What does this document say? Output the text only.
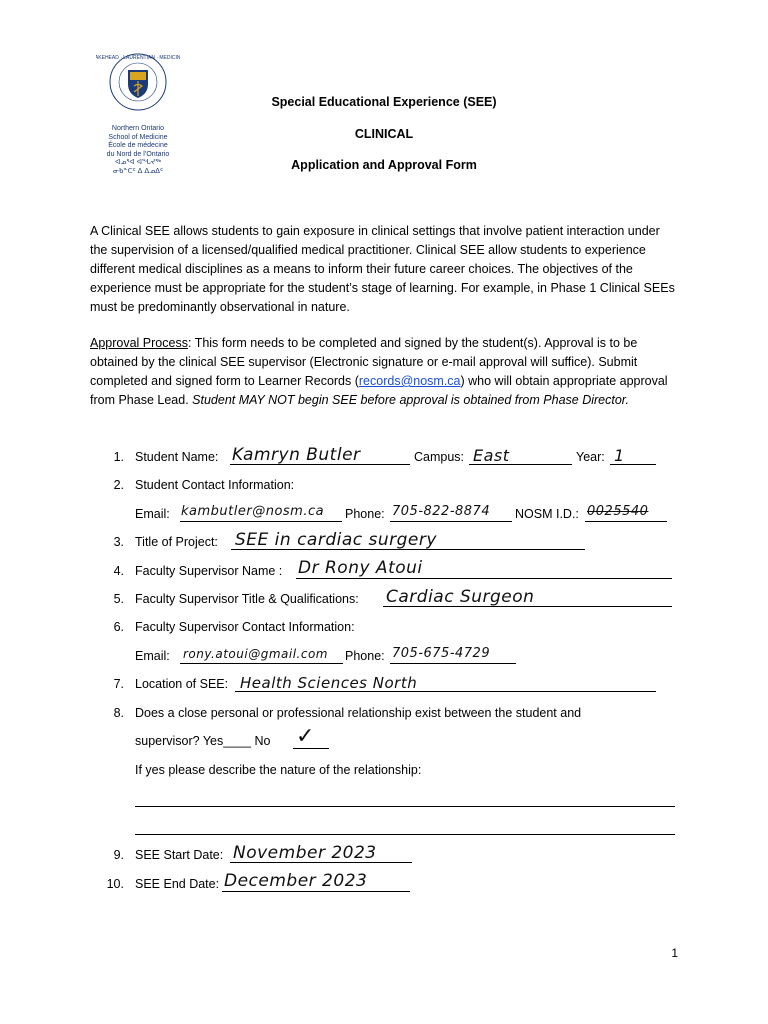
LAKEHEAD · LAURENTIAN · MEDICINE
Northern Ontario
School of Medicine
École de médecine
du Nord de l’Ontario
ᐊᓄᕐᐊ ᐊᖓᔪᖅ
ᓂᑲᓐᑕᑦ ᐃ ᐃᓄᐃᑦ
Special Educational Experience (SEE)
CLINICAL
Application and Approval Form
A Clinical SEE allows students to gain exposure in clinical settings that involve patient interaction under the supervision of a licensed/qualified medical practitioner. Clinical SEE allow students to experience different medical disciplines as a means to inform their future career choices. The objectives of the experience must be appropriate for the student’s stage of learning. For example, in Phase 1 Clinical SEEs must be predominantly observational in nature.
Approval Process: This form needs to be completed and signed by the student(s). Approval is to be obtained by the clinical SEE supervisor (Electronic signature or e-mail approval will suffice). Submit completed and signed form to Learner Records (records@nosm.ca) who will obtain appropriate approval from Phase Lead. Student MAY NOT begin SEE before approval is obtained from Phase Director.
1. Student Name: Kamryn Butler	Campus: East	Year: 1
2. Student Contact Information:
Email: kambutler@nosm.ca Phone: 705-822-8874 NOSM I.D.: 0025540
3. Title of Project: SEE in cardiac surgery
4. Faculty Supervisor Name : Dr Rony Atoui
5. Faculty Supervisor Title & Qualifications: Cardiac Surgeon
6. Faculty Supervisor Contact Information:
Email: rony.atoui@gmail.com Phone: 705-675-4729
7. Location of SEE: Health Sciences North
8. Does a close personal or professional relationship exist between the student and
supervisor? Yes____ No ✓
If yes please describe the nature of the relationship:
9. SEE Start Date: November 2023
10. SEE End Date: December 2023
1
